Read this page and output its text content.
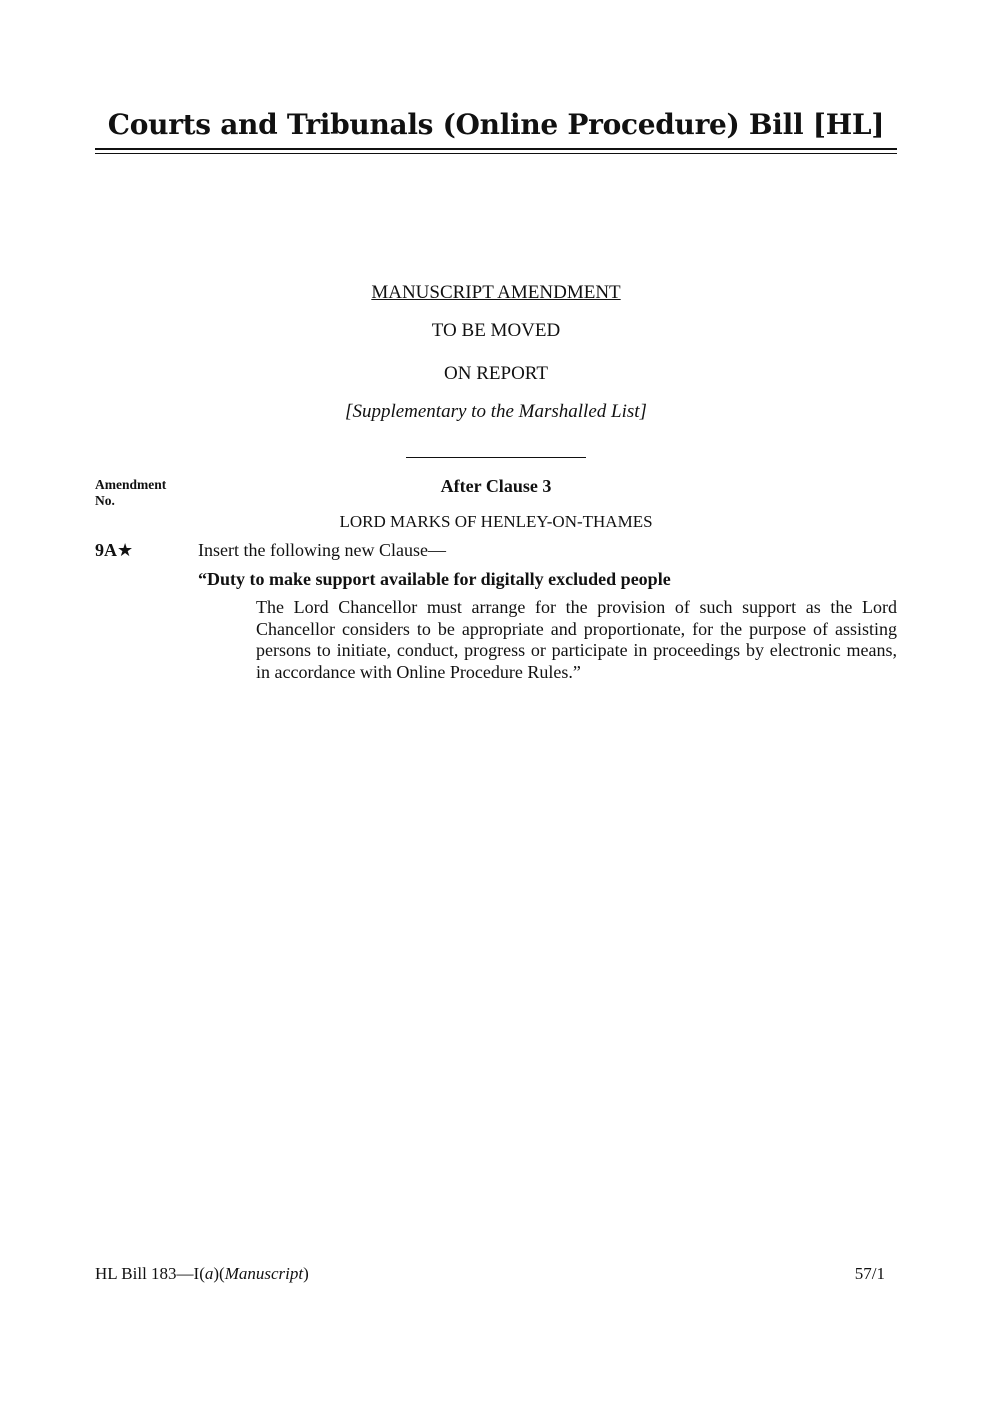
Courts and Tribunals (Online Procedure) Bill [HL]
MANUSCRIPT AMENDMENT
TO BE MOVED
ON REPORT
[Supplementary to the Marshalled List]
Amendment No.
After Clause 3
LORD MARKS OF HENLEY-ON-THAMES
9A★	Insert the following new Clause—
“Duty to make support available for digitally excluded people

The Lord Chancellor must arrange for the provision of such support as the Lord Chancellor considers to be appropriate and proportionate, for the purpose of assisting persons to initiate, conduct, progress or participate in proceedings by electronic means, in accordance with Online Procedure Rules.”

HL Bill 183—I(a)(Manuscript)	57/1
